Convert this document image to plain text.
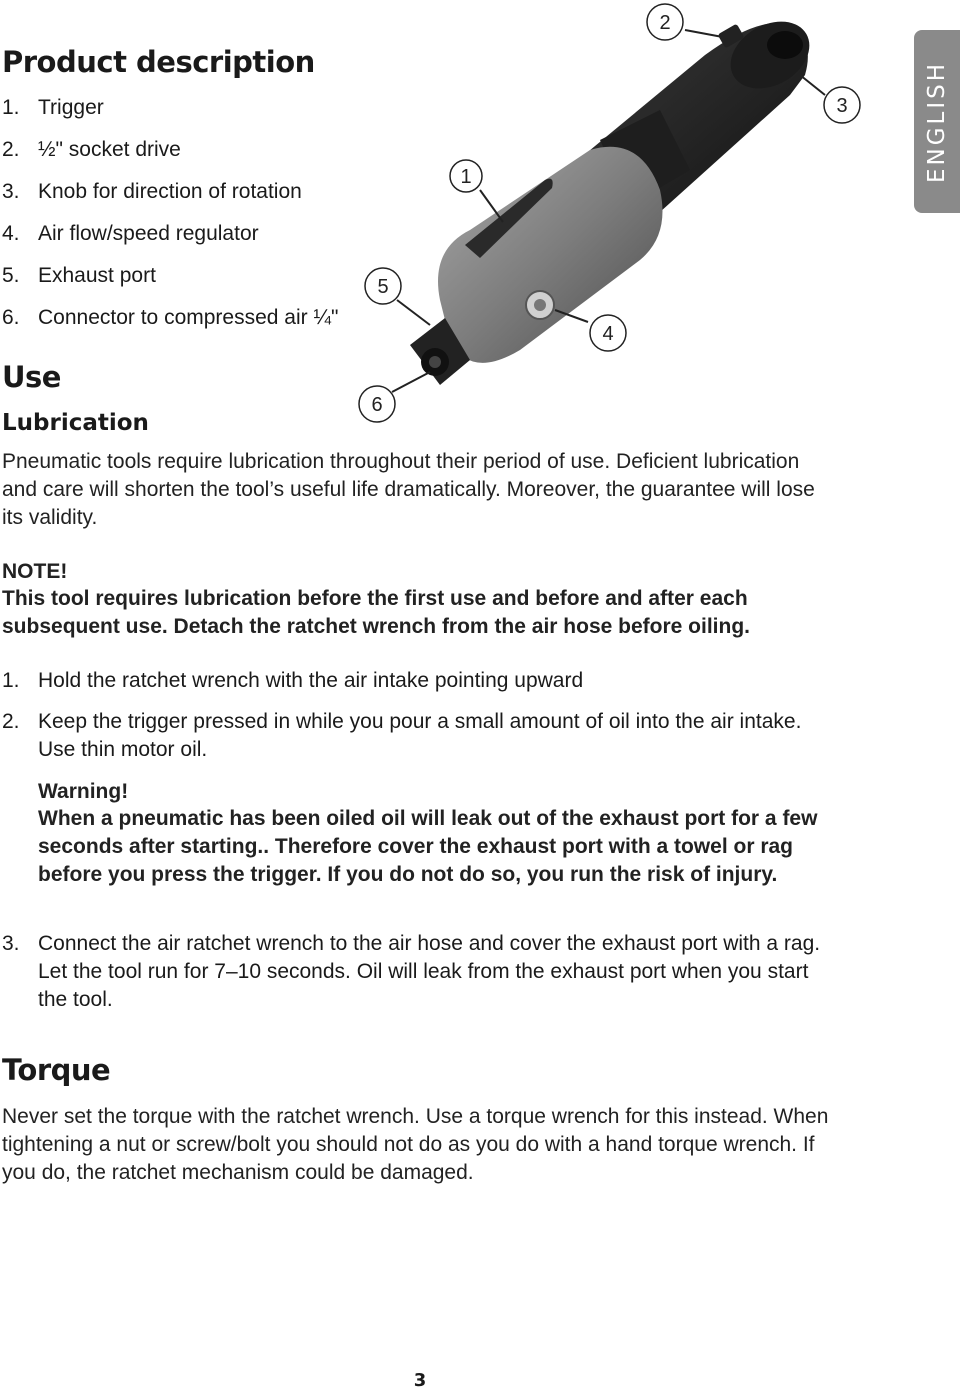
ENGLISH
Product description
1. Trigger
2. ½" socket drive
3. Knob for direction of rotation
4. Air flow/speed regulator
5. Exhaust port
6. Connector to compressed air ¼"
1
2
3
4
5
6
Use
Lubrication

Pneumatic tools require lubrication throughout their period of use. Deficient lubrication and care will shorten the tool’s useful life dramatically. Moreover, the guarantee will lose its validity.

NOTE!

This tool requires lubrication before the first use and before and after each subsequent use. Detach the ratchet wrench from the air hose before oiling.

1. Hold the ratchet wrench with the air intake pointing upward
2. Keep the trigger pressed in while you pour a small amount of oil into the air intake. Use thin motor oil.

Warning!

When a pneumatic has been oiled oil will leak out of the exhaust port for a few seconds after starting.. Therefore cover the exhaust port with a towel or rag before you press the trigger. If you do not do so, you run the risk of injury.

3. Connect the air ratchet wrench to the air hose and cover the exhaust port with a rag. Let the tool run for 7–10 seconds. Oil will leak from the exhaust port when you start the tool.
Torque

Never set the torque with the ratchet wrench. Use a torque wrench for this instead. When tightening a nut or screw/bolt you should not do as you do with a hand torque wrench. If you do, the ratchet mechanism could be damaged.

3
